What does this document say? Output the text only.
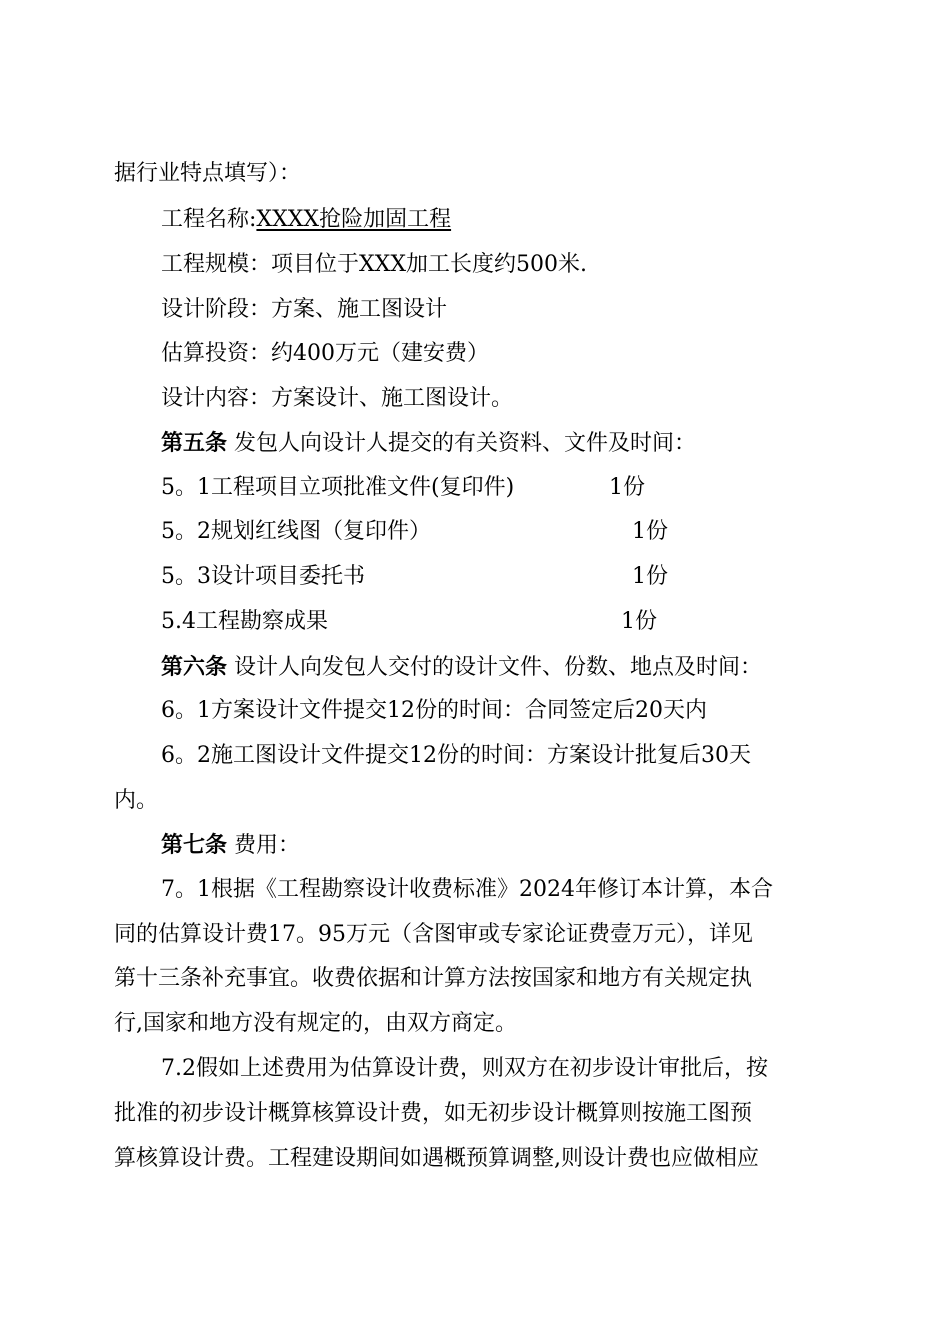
据行业特点填写）：
工程名称:XXXX抢险加固工程
工程规模：项目位于XXX加工长度约500米.
设计阶段：方案、施工图设计
估算投资：约400万元（建安费）
设计内容：方案设计、施工图设计。
第五条 发包人向设计人提交的有关资料、文件及时间：
5。1工程项目立项批准文件(复印件)	1份
5。2规划红线图（复印件）	1份
5。3设计项目委托书	1份
5.4工程勘察成果	1份
第六条 设计人向发包人交付的设计文件、份数、地点及时间：
6。1方案设计文件提交12份的时间：合同签定后20天内
6。2施工图设计文件提交12份的时间：方案设计批复后30天
内。
第七条 费用：
7。1根据《工程勘察设计收费标准》2024年修订本计算，本合
同的估算设计费17。95万元（含图审或专家论证费壹万元），详见
第十三条补充事宜。收费依据和计算方法按国家和地方有关规定执
行,国家和地方没有规定的，由双方商定。
7.2假如上述费用为估算设计费，则双方在初步设计审批后，按
批准的初步设计概算核算设计费，如无初步设计概算则按施工图预
算核算设计费。工程建设期间如遇概预算调整,则设计费也应做相应
